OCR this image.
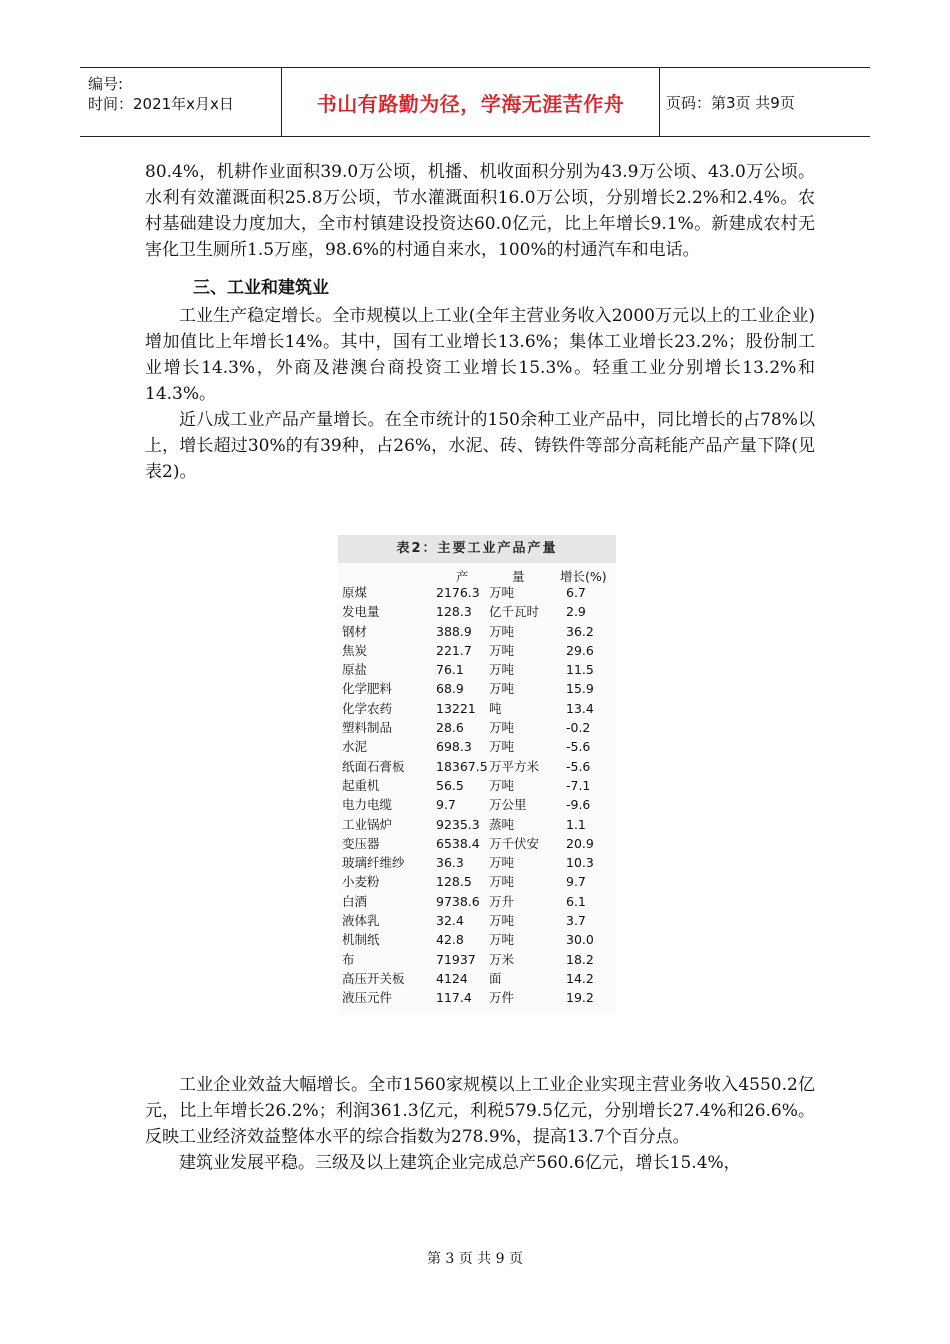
编号:
时间：2021年x月x日	书山有路勤为径，学海无涯苦作舟	页码：第3页 共9页

80.4%，机耕作业面积39.0万公顷，机播、机收面积分别为43.9万公顷、43.0万公顷。水利有效灌溉面积25.8万公顷，节水灌溉面积16.0万公顷，分别增长2.2%和2.4%。农村基础建设力度加大，全市村镇建设投资达60.0亿元，比上年增长9.1%。新建成农村无害化卫生厕所1.5万座，98.6%的村通自来水，100%的村通汽车和电话。

三、工业和建筑业

工业生产稳定增长。全市规模以上工业(全年主营业务收入2000万元以上的工业企业)增加值比上年增长14%。其中，国有工业增长13.6%；集体工业增长23.2%；股份制工业增长14.3%，外商及港澳台商投资工业增长15.3%。轻重工业分别增长13.2%和14.3%。

近八成工业产品产量增长。在全市统计的150余种工业产品中，同比增长的占78%以上，增长超过30%的有39种，占26%，水泥、砖、铸铁件等部分高耗能产品产量下降(见表2)。

表2：主要工业产品产量
产	量	增长(%)
原煤	2176.3 万吨	6.7
发电量	128.3 亿千瓦时 2.9
钢材	388.9 万吨	36.2
焦炭	221.7 万吨	29.6
原盐	76.1 万吨	11.5
化学肥料	68.9 万吨	15.9
化学农药	13221 吨	13.4
塑料制品	28.6 万吨	-0.2
水泥	698.3 万吨	-5.6
纸面石膏板	18367.5 万平方米 -5.6
起重机	56.5 万吨	-7.1
电力电缆	9.7	万公里	-9.6
工业锅炉	9235.3 蒸吨	1.1
变压器	6538.4 万千伏安 20.9
玻璃纤维纱	36.3 万吨	10.3
小麦粉	128.5 万吨	9.7
白酒	9738.6 万升	6.1
液体乳	32.4 万吨	3.7
机制纸	42.8 万吨	30.0
布	71937 万米	18.2
高压开关板	4124 面	14.2
液压元件	117.4 万件	19.2

工业企业效益大幅增长。全市1560家规模以上工业企业实现主营业务收入4550.2亿元，比上年增长26.2%；利润361.3亿元，利税579.5亿元，分别增长27.4%和26.6%。反映工业经济效益整体水平的综合指数为278.9%，提高13.7个百分点。

建筑业发展平稳。三级及以上建筑企业完成总产560.6亿元，增长15.4%，

第 3 页 共 9 页
